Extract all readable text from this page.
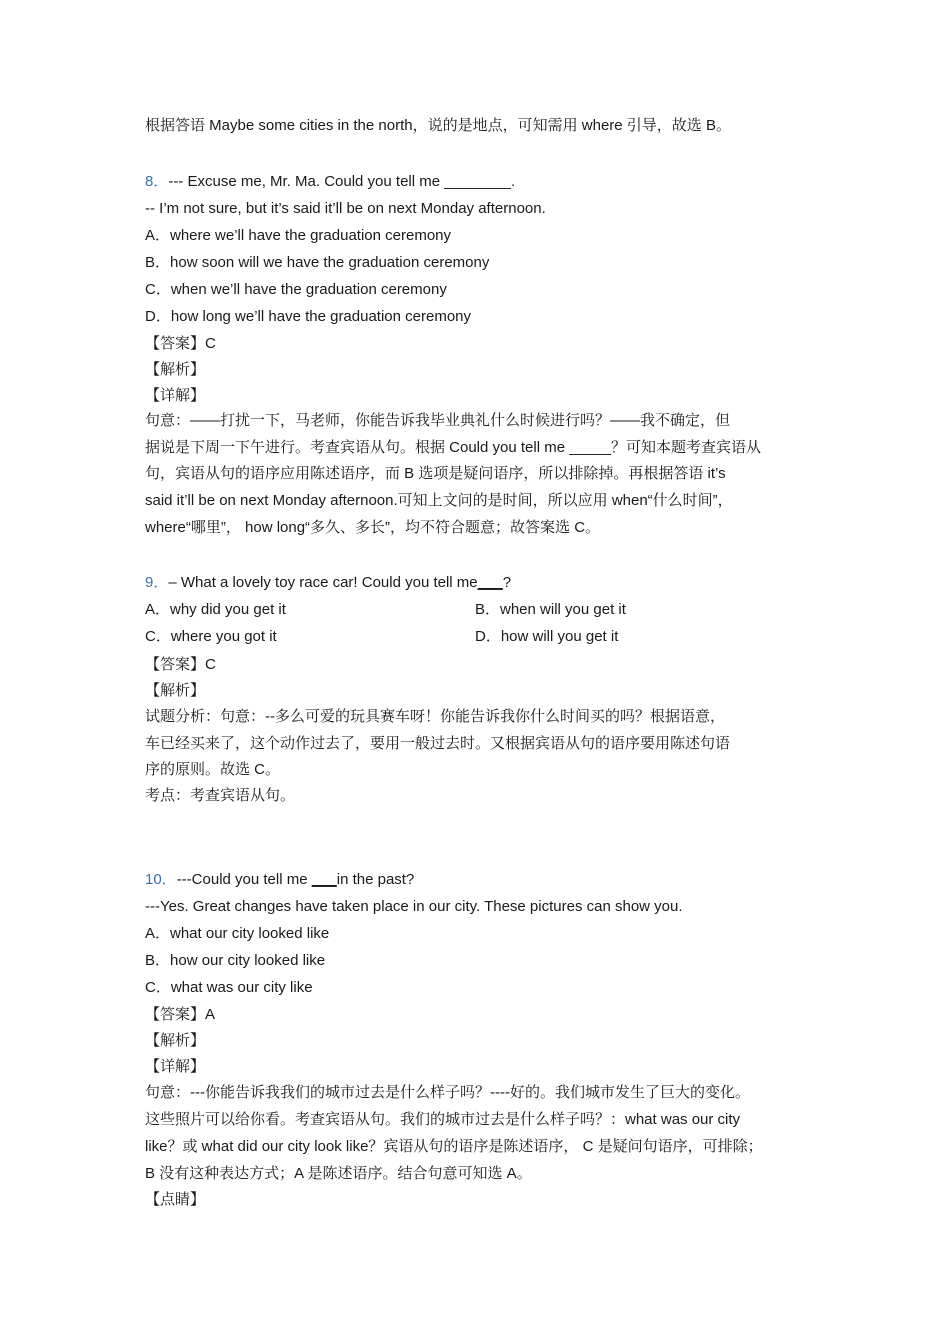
根据答语 Maybe some cities in the north，说的是地点，可知需用 where 引导，故选 B。
8．--- Excuse me, Mr. Ma. Could you tell me ________.
-- I’m not sure, but it’s said it’ll be on next Monday afternoon.
A．where we’ll have the graduation ceremony
B．how soon will we have the graduation ceremony
C．when we’ll have the graduation ceremony
D．how long we’ll have the graduation ceremony
【答案】C
【解析】
【详解】
句意：——打扰一下，马老师，你能告诉我毕业典礼什么时候进行吗？——我不确定，但
据说是下周一下午进行。考查宾语从句。根据 Could you tell me _____？可知本题考查宾语从
句，宾语从句的语序应用陈述语序，而 B 选项是疑问语序，所以排除掉。再根据答语 it’s
said it’ll be on next Monday afternoon.可知上文问的是时间，所以应用 when“什么时间”，
where“哪里”， how long“多久、多长”，均不符合题意；故答案选 C。
9．– What a lovely toy race car! Could you tell me___?
A．why did you get it	B．when will you get it
C．where you got it	D．how will you get it
【答案】C
【解析】
试题分析：句意：--多么可爱的玩具赛车呀！你能告诉我你什么时间买的吗？根据语意，
车已经买来了，这个动作过去了，要用一般过去时。又根据宾语从句的语序要用陈述句语
序的原则。故选 C。
考点：考查宾语从句。
10．---Could you tell me ___in the past?
---Yes. Great changes have taken place in our city. These pictures can show you.
A．what our city looked like
B．how our city looked like
C．what was our city like
【答案】A
【解析】
【详解】
句意：---你能告诉我我们的城市过去是什么样子吗？----好的。我们城市发生了巨大的变化。
这些照片可以给你看。考查宾语从句。我们的城市过去是什么样子吗？：what was our city
like？或 what did our city look like？宾语从句的语序是陈述语序， C 是疑问句语序，可排除；
B 没有这种表达方式；A 是陈述语序。结合句意可知选 A。
【点睛】
